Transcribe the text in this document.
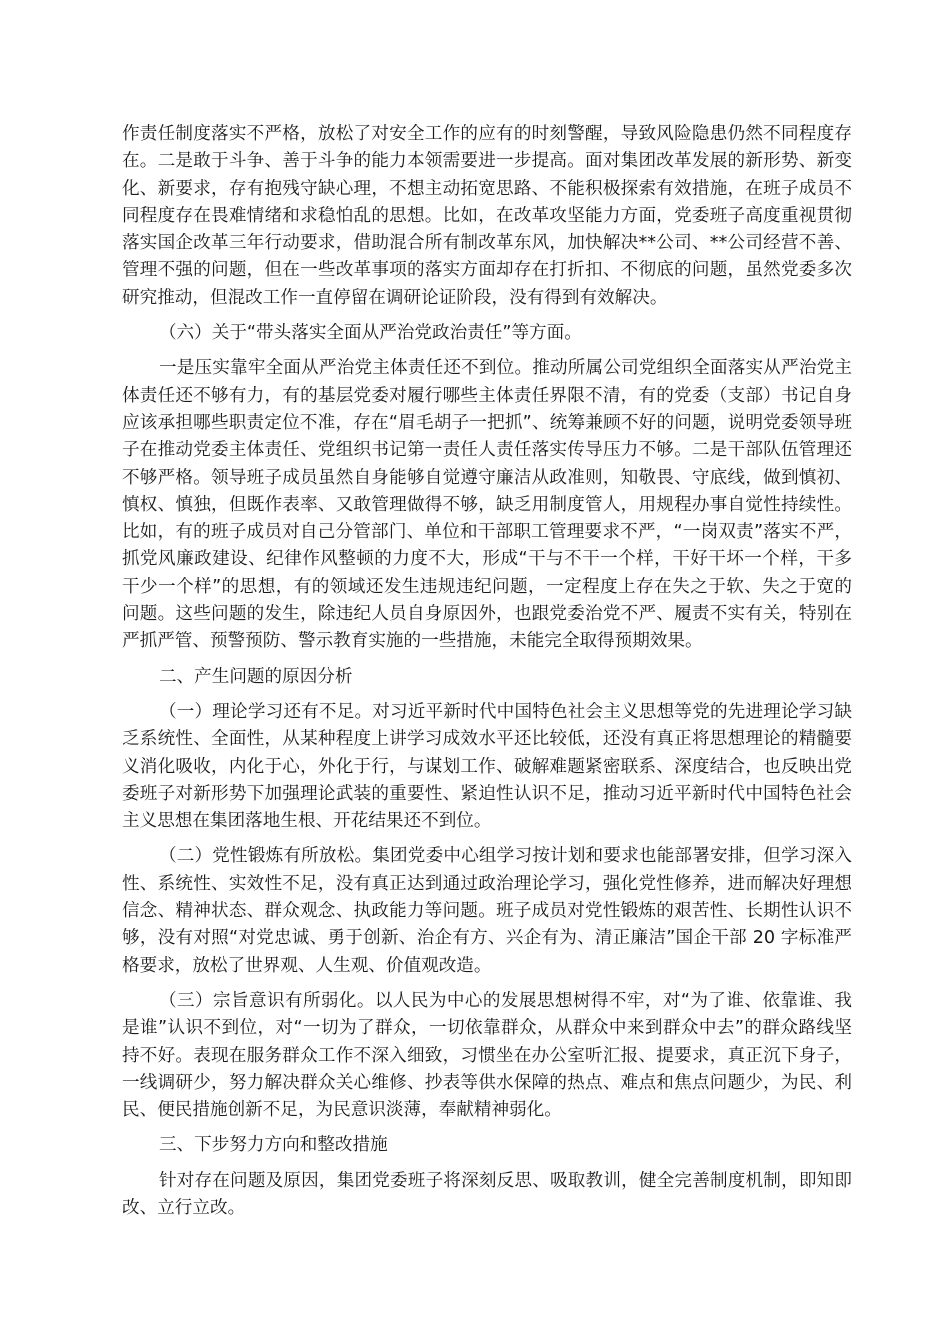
作责任制度落实不严格，放松了对安全工作的应有的时刻警醒，导致风险隐患仍然不同程度存在。二是敢于斗争、善于斗争的能力本领需要进一步提高。面对集团改革发展的新形势、新变化、新要求，存有抱残守缺心理，不想主动拓宽思路、不能积极探索有效措施，在班子成员不同程度存在畏难情绪和求稳怕乱的思想。比如，在改革攻坚能力方面，党委班子高度重视贯彻落实国企改革三年行动要求，借助混合所有制改革东风，加快解决**公司、**公司经营不善、管理不强的问题，但在一些改革事项的落实方面却存在打折扣、不彻底的问题，虽然党委多次研究推动，但混改工作一直停留在调研论证阶段，没有得到有效解决。

（六）关于“带头落实全面从严治党政治责任”等方面。

一是压实靠牢全面从严治党主体责任还不到位。推动所属公司党组织全面落实从严治党主体责任还不够有力，有的基层党委对履行哪些主体责任界限不清，有的党委（支部）书记自身应该承担哪些职责定位不准，存在“眉毛胡子一把抓”、统筹兼顾不好的问题，说明党委领导班子在推动党委主体责任、党组织书记第一责任人责任落实传导压力不够。二是干部队伍管理还不够严格。领导班子成员虽然自身能够自觉遵守廉洁从政准则，知敬畏、守底线，做到慎初、慎权、慎独，但既作表率、又敢管理做得不够，缺乏用制度管人，用规程办事自觉性持续性。比如，有的班子成员对自己分管部门、单位和干部职工管理要求不严，“一岗双责”落实不严，抓党风廉政建设、纪律作风整顿的力度不大，形成“干与不干一个样，干好干坏一个样，干多干少一个样”的思想，有的领域还发生违规违纪问题，一定程度上存在失之于软、失之于宽的问题。这些问题的发生，除违纪人员自身原因外，也跟党委治党不严、履责不实有关，特别在严抓严管、预警预防、警示教育实施的一些措施，未能完全取得预期效果。

二、产生问题的原因分析

（一）理论学习还有不足。对习近平新时代中国特色社会主义思想等党的先进理论学习缺乏系统性、全面性，从某种程度上讲学习成效水平还比较低，还没有真正将思想理论的精髓要义消化吸收，内化于心，外化于行，与谋划工作、破解难题紧密联系、深度结合，也反映出党委班子对新形势下加强理论武装的重要性、紧迫性认识不足，推动习近平新时代中国特色社会主义思想在集团落地生根、开花结果还不到位。

（二）党性锻炼有所放松。集团党委中心组学习按计划和要求也能部署安排，但学习深入性、系统性、实效性不足，没有真正达到通过政治理论学习，强化党性修养，进而解决好理想信念、精神状态、群众观念、执政能力等问题。班子成员对党性锻炼的艰苦性、长期性认识不够，没有对照“对党忠诚、勇于创新、治企有方、兴企有为、清正廉洁”国企干部 20 字标准严格要求，放松了世界观、人生观、价值观改造。

（三）宗旨意识有所弱化。以人民为中心的发展思想树得不牢，对“为了谁、依靠谁、我是谁”认识不到位，对“一切为了群众，一切依靠群众，从群众中来到群众中去”的群众路线坚持不好。表现在服务群众工作不深入细致，习惯坐在办公室听汇报、提要求，真正沉下身子，一线调研少，努力解决群众关心维修、抄表等供水保障的热点、难点和焦点问题少，为民、利民、便民措施创新不足，为民意识淡薄，奉献精神弱化。

三、下步努力方向和整改措施

针对存在问题及原因，集团党委班子将深刻反思、吸取教训，健全完善制度机制，即知即改、立行立改。
